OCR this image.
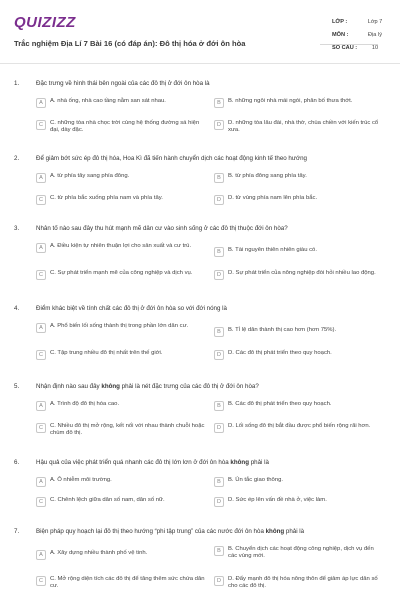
QUIZIZZ
Trắc nghiệm Địa Lí 7 Bài 16 (có đáp án): Đô thị hóa ở đới ôn hòa
LỚP :	Lớp 7
MÔN :	Địa lý
SỐ CÂU :	10
1.	Đặc trưng về hình thái bên ngoài của các đô thị ở đới ôn hòa là
A	A. nhà ống, nhà cao tầng nằm san sát nhau.	B	B. những ngôi nhà mái ngói, phân bố thưa thớt.
C	C. những tòa nhà chọc trời cùng hệ thống đường sá hiện đại, dày đặc.
D	D. những tòa lâu đài, nhà thờ, chùa chiền với kiến trúc cổ xưa.
2.	Để giảm bớt sức ép đô thị hóa, Hoa Kì đã tiến hành chuyển dịch các hoạt động kinh tế theo hướng
A	A. từ phía tây sang phía đông.	B	B. từ phía đông sang phía tây.
C	C. từ phía bắc xuống phía nam và phía tây.	D	D. từ vùng phía nam lên phía bắc.
3.	Nhân tố nào sau đây thu hút mạnh mẽ dân cư vào sinh sống ở các đô thị thuộc đới ôn hòa?
A	A. Điều kiện tự nhiên thuận lợi cho sản xuất và cư trú.
B	B. Tài nguyên thiên nhiên giàu có.
C	C. Sự phát triển mạnh mẽ của công nghiệp và dịch vụ.	D	D. Sự phát triển của nông nghiệp đòi hỏi nhiều lao động.
4.	Điểm khác biệt về tính chất các đô thị ở đới ôn hòa so với đới nóng là
A	A. Phổ biến lối sống thành thị trong phần lớn dân cư.
B	B. Tỉ lệ dân thành thị cao hơn (hơn 75%).
C	C. Tập trung nhiều đô thị nhất trên thế giới.	D	D. Các đô thị phát triển theo quy hoạch.
5.	Nhận định nào sau đây không phải là nét đặc trưng của các đô thị ở đới ôn hòa?
A	A. Trình độ đô thị hóa cao.	B	B. Các đô thị phát triển theo quy hoạch.
C	C. Nhiều đô thị mở rộng, kết nối với nhau thành chuỗi hoặc chùm đô thị.
D	D. Lối sống đô thị bắt đầu được phổ biến rộng rãi hơn.
6.	Hậu quả của việc phát triển quá nhanh các đô thị lớn lơn ở đới ôn hòa không phải là
A	A. Ô nhiễm môi trường.	B	B. Ùn tắc giao thông.
C	C. Chênh lệch giữa dân số nam, dân số nữ.	D	D. Sức ép lên vấn đề nhà ở, việc làm.
7.	Biện pháp quy hoạch lại đô thị theo hướng “phi tập trung” của các nước đới ôn hòa không phải là
A	A. Xây dựng nhiều thành phố vệ tinh.	B	B. Chuyển dịch các hoạt động công nghiệp, dịch vụ đến các vùng mới.
C	C. Mở rộng diện tích các đô thị để tăng thêm sức chứa dân cư.
D	D. Đẩy mạnh đô thị hóa nông thôn để giảm áp lực dân số cho các đô thị.
